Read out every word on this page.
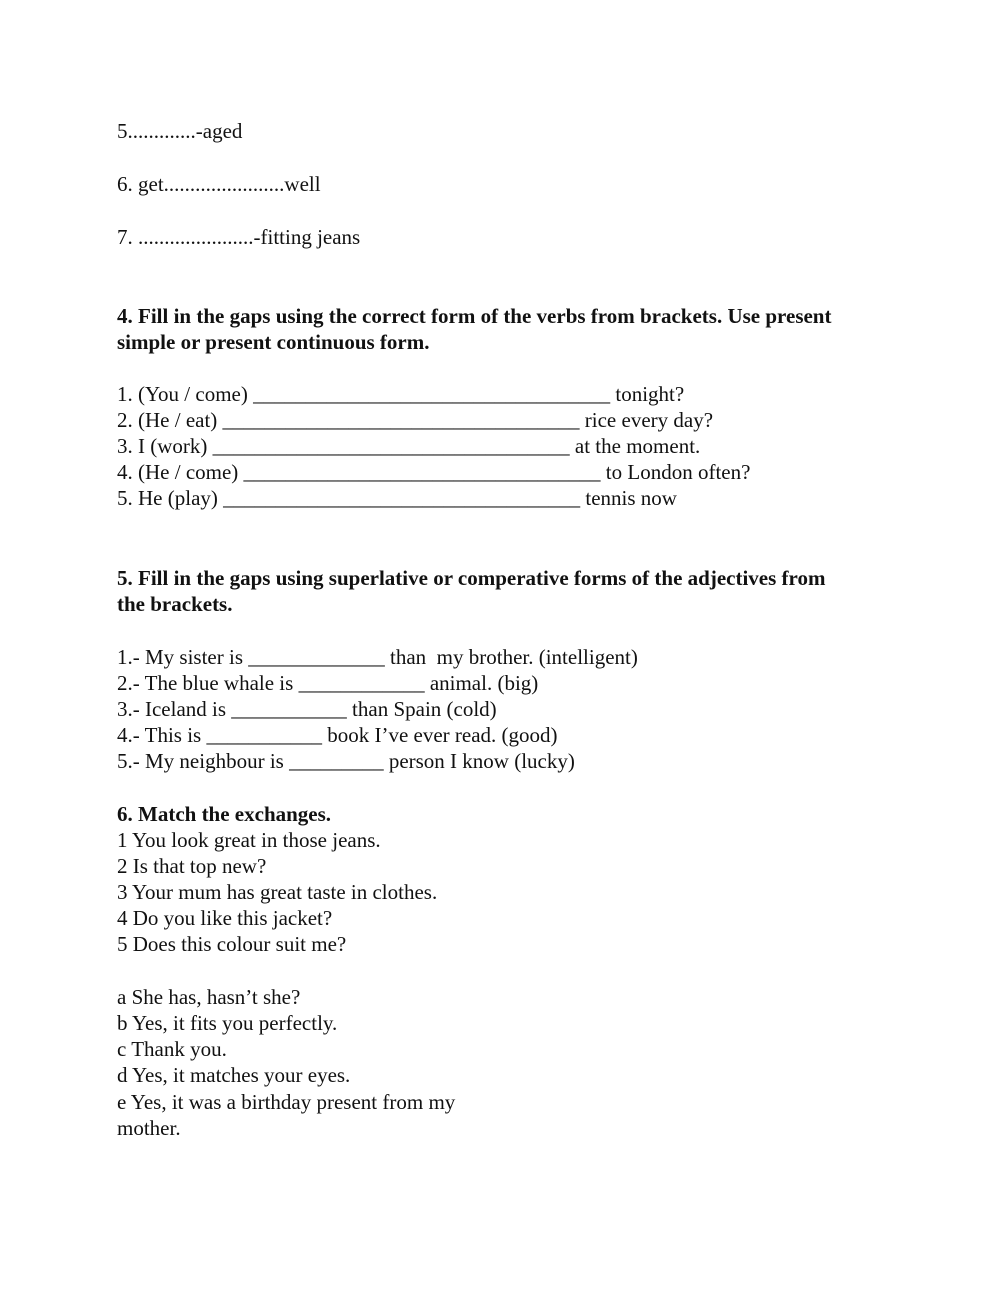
5.............-aged
6. get.......................well
7. ......................-fitting jeans
4. Fill in the gaps using the correct form of the verbs from brackets. Use present simple or present continuous form.
1. (You / come) __________________________________ tonight?
2. (He / eat) __________________________________ rice every day?
3. I (work) __________________________________ at the moment.
4. (He / come) __________________________________ to London often?
5. He (play) __________________________________ tennis now
5. Fill in the gaps using superlative or comperative forms of the adjectives from the brackets.
1.- My sister is _____________ than  my brother. (intelligent)
2.- The blue whale is ____________ animal. (big)
3.- Iceland is ___________ than Spain (cold)
4.- This is ___________ book I’ve ever read. (good)
5.- My neighbour is _________ person I know (lucky)
6. Match the exchanges.
1 You look great in those jeans.
2 Is that top new?
3 Your mum has great taste in clothes.
4 Do you like this jacket?
5 Does this colour suit me?
a She has, hasn’t she?
b Yes, it fits you perfectly.
c Thank you.
d Yes, it matches your eyes.
e Yes, it was a birthday present from my
mother.
